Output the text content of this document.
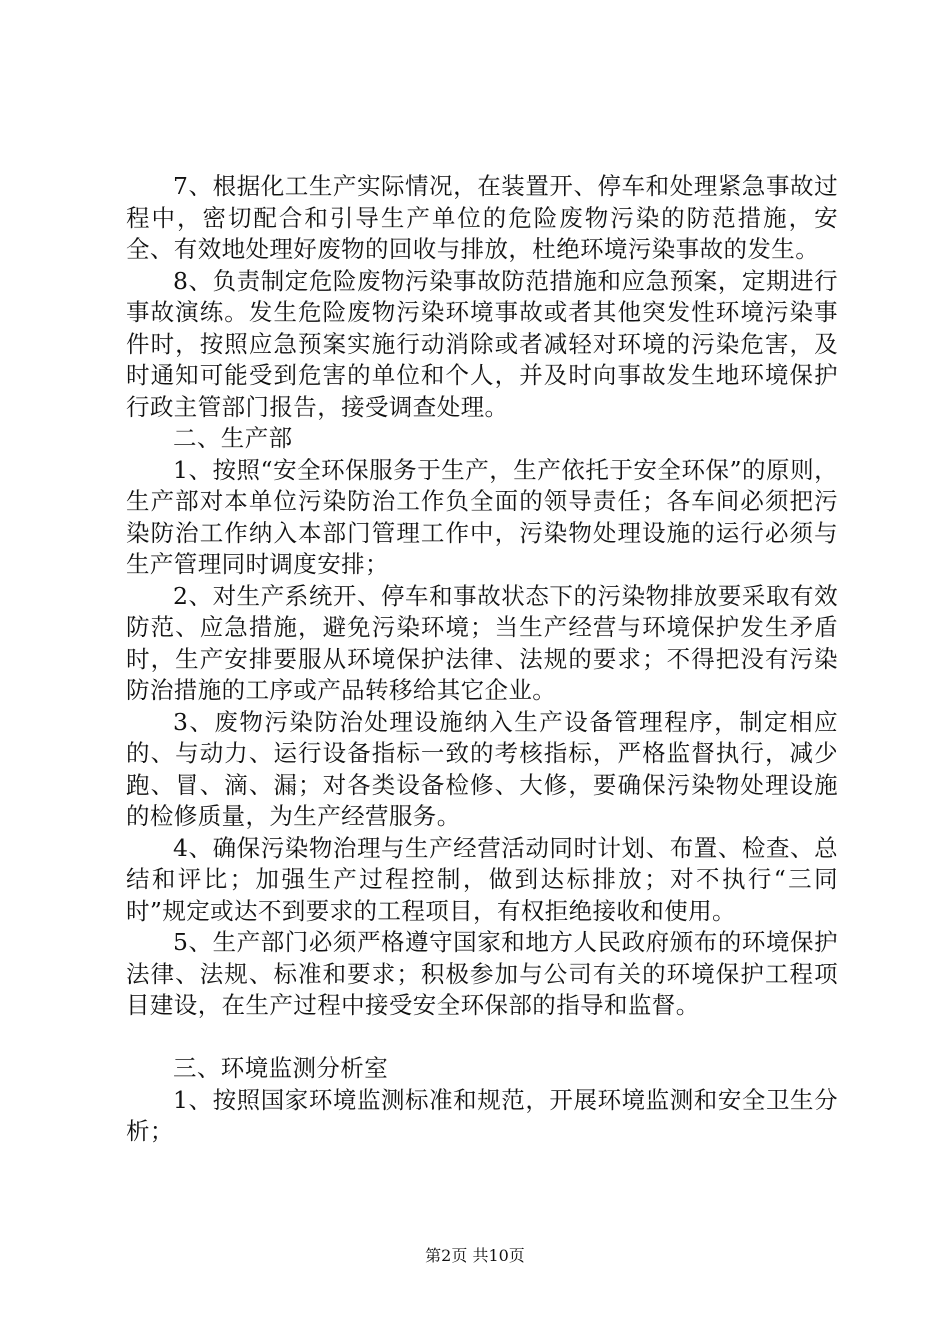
7、根据化工生产实际情况，在装置开、停车和处理紧急事故过程中，密切配合和引导生产单位的危险废物污染的防范措施，安全、有效地处理好废物的回收与排放，杜绝环境污染事故的发生。

8、负责制定危险废物污染事故防范措施和应急预案，定期进行事故演练。发生危险废物污染环境事故或者其他突发性环境污染事件时，按照应急预案实施行动消除或者减轻对环境的污染危害，及时通知可能受到危害的单位和个人，并及时向事故发生地环境保护行政主管部门报告，接受调查处理。

二、生产部

1、按照“安全环保服务于生产，生产依托于安全环保”的原则，生产部对本单位污染防治工作负全面的领导责任；各车间必须把污染防治工作纳入本部门管理工作中，污染物处理设施的运行必须与生产管理同时调度安排；

2、对生产系统开、停车和事故状态下的污染物排放要采取有效防范、应急措施，避免污染环境；当生产经营与环境保护发生矛盾时，生产安排要服从环境保护法律、法规的要求；不得把没有污染防治措施的工序或产品转移给其它企业。

3、废物污染防治处理设施纳入生产设备管理程序，制定相应的、与动力、运行设备指标一致的考核指标，严格监督执行，减少跑、冒、滴、漏；对各类设备检修、大修，要确保污染物处理设施的检修质量，为生产经营服务。

4、确保污染物治理与生产经营活动同时计划、布置、检查、总结和评比；加强生产过程控制，做到达标排放；对不执行“三同时”规定或达不到要求的工程项目，有权拒绝接收和使用。

5、生产部门必须严格遵守国家和地方人民政府颁布的环境保护法律、法规、标准和要求；积极参加与公司有关的环境保护工程项目建设，在生产过程中接受安全环保部的指导和监督。

三、环境监测分析室

1、按照国家环境监测标准和规范，开展环境监测和安全卫生分析；

第2页 共10页
